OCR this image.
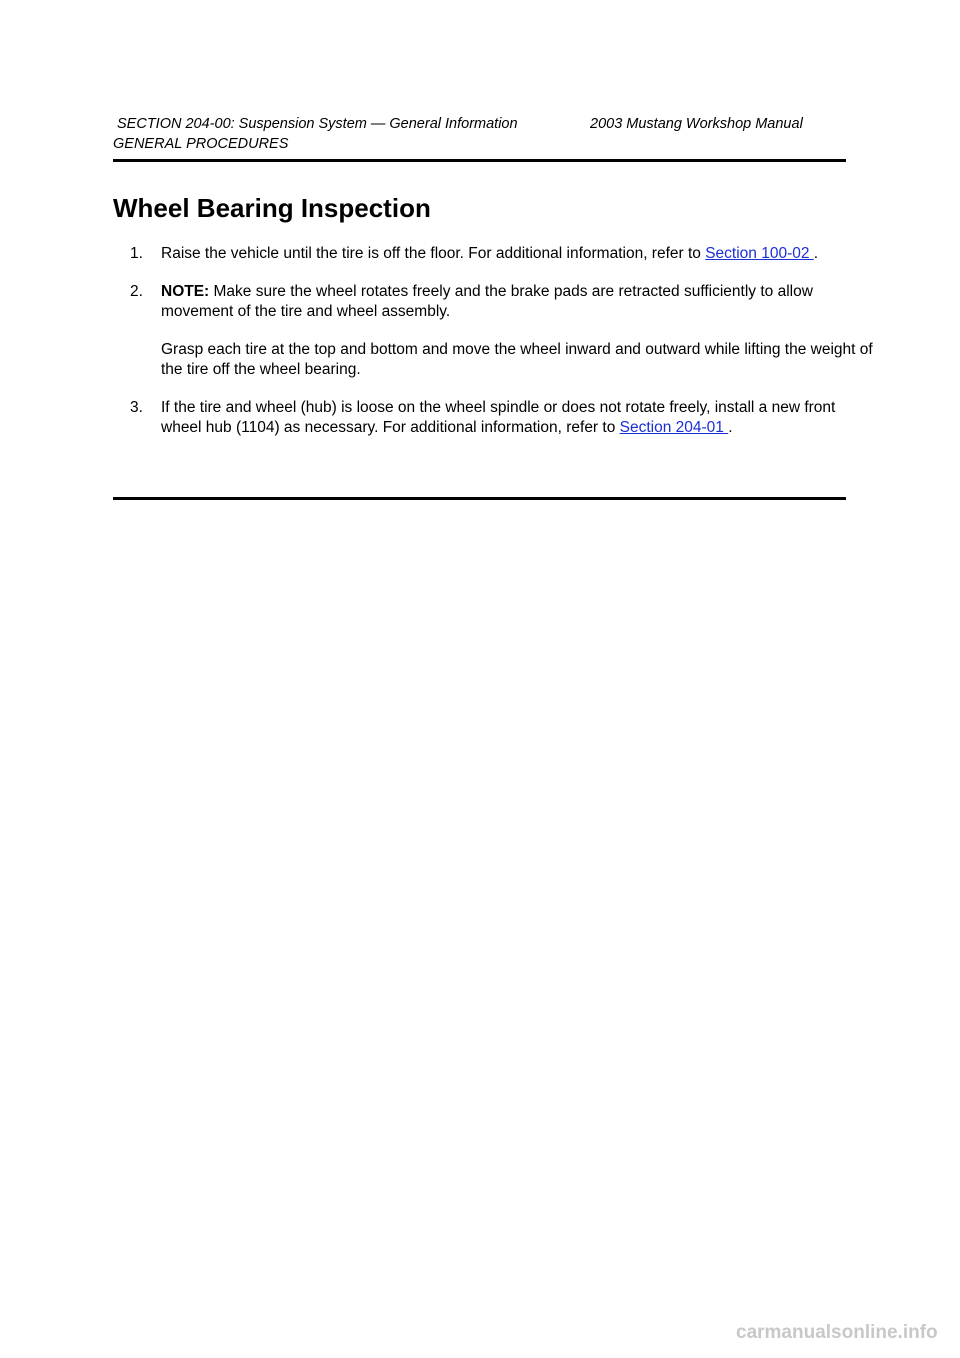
SECTION 204-00: Suspension System — General Information	2003 Mustang Workshop Manual
GENERAL PROCEDURES
Wheel Bearing Inspection
1. Raise the vehicle until the tire is off the floor. For additional information, refer to Section 100-02 .

2. NOTE: Make sure the wheel rotates freely and the brake pads are retracted sufficiently to allow movement of the tire and wheel assembly.

Grasp each tire at the top and bottom and move the wheel inward and outward while lifting the weight of the tire off the wheel bearing.

3. If the tire and wheel (hub) is loose on the wheel spindle or does not rotate freely, install a new front wheel hub (1104) as necessary. For additional information, refer to Section 204-01 .

carmanualsonline.info
